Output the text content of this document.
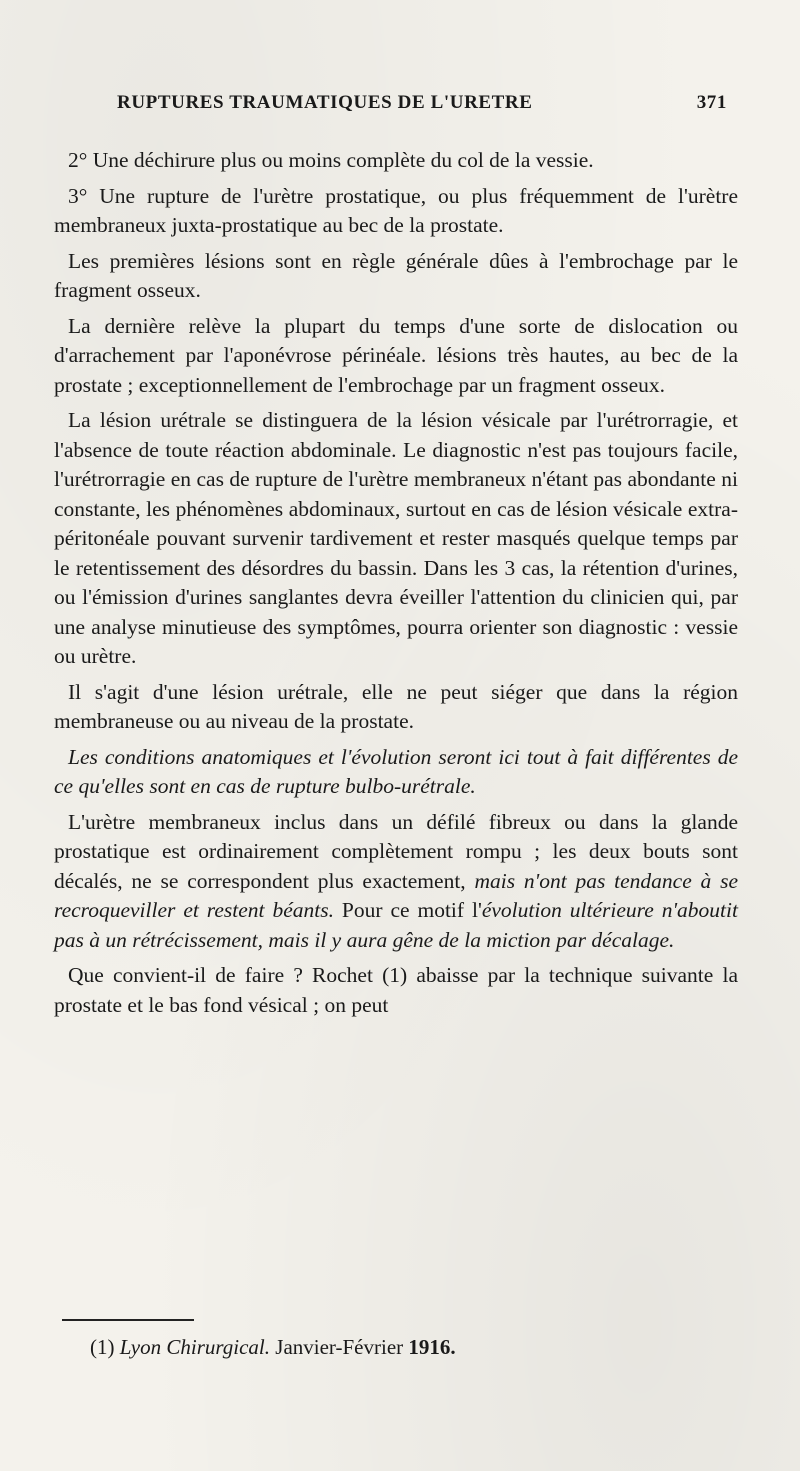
RUPTURES TRAUMATIQUES DE L'URETRE	371

2° Une déchirure plus ou moins complète du col de la vessie.

3° Une rupture de l'urètre prostatique, ou plus fréquemment de l'urètre membraneux juxta-prostatique au bec de la prostate.

Les premières lésions sont en règle générale dûes à l'embrochage par le fragment osseux.

La dernière relève la plupart du temps d'une sorte de dislocation ou d'arrachement par l'aponévrose périnéale. lésions très hautes, au bec de la prostate ; exceptionnellement de l'embrochage par un fragment osseux.

La lésion urétrale se distinguera de la lésion vésicale par l'urétrorragie, et l'absence de toute réaction abdominale. Le diagnostic n'est pas toujours facile, l'urétrorragie en cas de rupture de l'urètre membraneux n'étant pas abondante ni constante, les phénomènes abdominaux, surtout en cas de lésion vésicale extra-péritonéale pouvant survenir tardivement et rester masqués quelque temps par le retentissement des désordres du bassin. Dans les 3 cas, la rétention d'urines, ou l'émission d'urines sanglantes devra éveiller l'attention du clinicien qui, par une analyse minutieuse des symptômes, pourra orienter son diagnostic : vessie ou urètre.

Il s'agit d'une lésion urétrale, elle ne peut siéger que dans la région membraneuse ou au niveau de la prostate.

Les conditions anatomiques et l'évolution seront ici tout à fait différentes de ce qu'elles sont en cas de rupture bulbo-urétrale.

L'urètre membraneux inclus dans un défilé fibreux ou dans la glande prostatique est ordinairement complètement rompu ; les deux bouts sont décalés, ne se correspondent plus exactement, mais n'ont pas tendance à se recroqueviller et restent béants. Pour ce motif l'évolution ultérieure n'aboutit pas à un rétrécissement, mais il y aura gêne de la miction par décalage.

Que convient-il de faire ? Rochet (1) abaisse par la technique suivante la prostate et le bas fond vésical ; on peut

(1) Lyon Chirurgical. Janvier-Février 1916.
